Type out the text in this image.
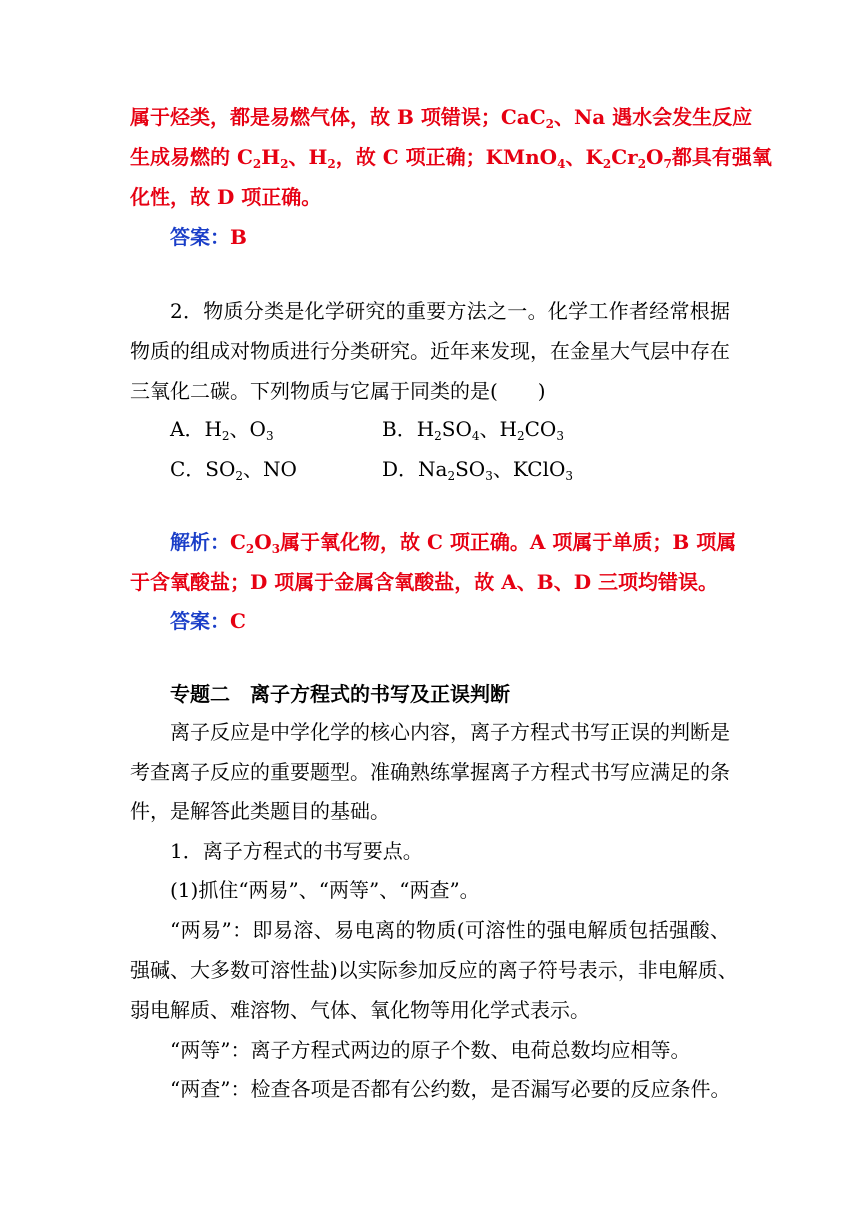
属于烃类，都是易燃气体，故 B 项错误；CaC$_2$、Na 遇水会发生反应
生成易燃的 $C_2H_2$、$H_2$，故 C 项正确；KMnO$_4$、$K_2Cr_2O_7$都具有强氧
化性，故 D 项正确。
答案：B
2．物质分类是化学研究的重要方法之一。化学工作者经常根据
物质的组成对物质进行分类研究。近年来发现，在金星大气层中存在
三氧化二碳。下列物质与它属于同类的是(　　)
A．$H_2$、$O_3$	B．$H_2SO_4$、$H_2CO_3$
C．$SO_2$、NO	D．$Na_2SO_3$、KClO$_3$
解析：$C_2O_3$属于氧化物，故 C 项正确。A 项属于单质；B 项属
于含氧酸盐；D 项属于金属含氧酸盐，故 A、B、D 三项均错误。
答案：C
专题二　离子方程式的书写及正误判断
离子反应是中学化学的核心内容，离子方程式书写正误的判断是
考查离子反应的重要题型。准确熟练掌握离子方程式书写应满足的条
件，是解答此类题目的基础。
1．离子方程式的书写要点。
(1)抓住“两易”、“两等”、“两查”。
“两易”：即易溶、易电离的物质(可溶性的强电解质包括强酸、
强碱、大多数可溶性盐)以实际参加反应的离子符号表示，非电解质、
弱电解质、难溶物、气体、氧化物等用化学式表示。
“两等”：离子方程式两边的原子个数、电荷总数均应相等。
“两查”：检查各项是否都有公约数，是否漏写必要的反应条件。
